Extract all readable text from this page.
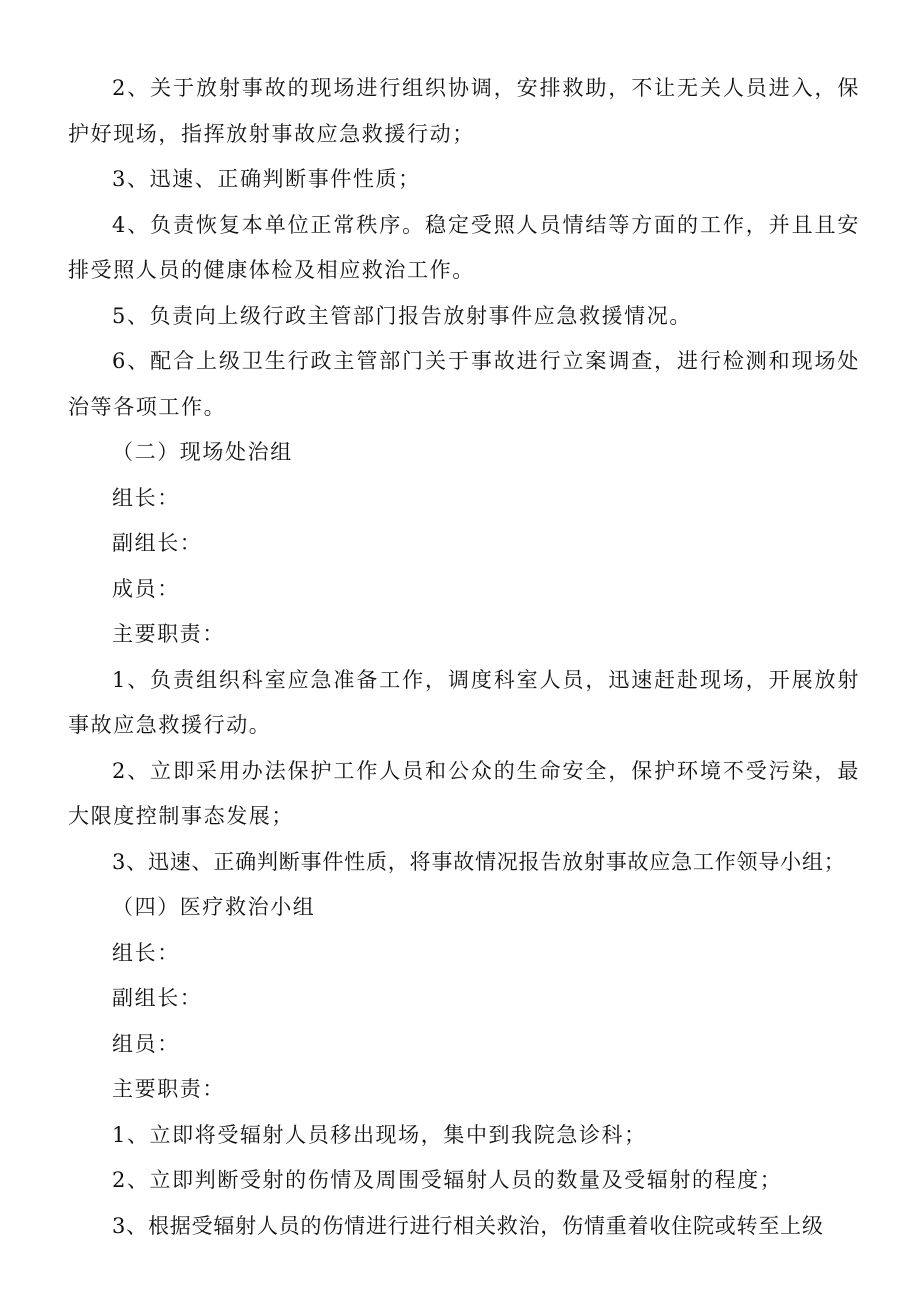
2、关于放射事故的现场进行组织协调，安排救助，不让无关人员进入，保护好现场，指挥放射事故应急救援行动；

3、迅速、正确判断事件性质；

4、负责恢复本单位正常秩序。稳定受照人员情结等方面的工作，并且且安排受照人员的健康体检及相应救治工作。

5、负责向上级行政主管部门报告放射事件应急救援情况。

6、配合上级卫生行政主管部门关于事故进行立案调查，进行检测和现场处治等各项工作。

（二）现场处治组

组长：

副组长：

成员：

主要职责：

1、负责组织科室应急准备工作，调度科室人员，迅速赶赴现场，开展放射事故应急救援行动。

2、立即采用办法保护工作人员和公众的生命安全，保护环境不受污染，最大限度控制事态发展；

3、迅速、正确判断事件性质，将事故情况报告放射事故应急工作领导小组；

（四）医疗救治小组

组长：

副组长：

组员：

主要职责：

1、立即将受辐射人员移出现场，集中到我院急诊科；

2、立即判断受射的伤情及周围受辐射人员的数量及受辐射的程度；

3、根据受辐射人员的伤情进行进行相关救治，伤情重着收住院或转至上级
